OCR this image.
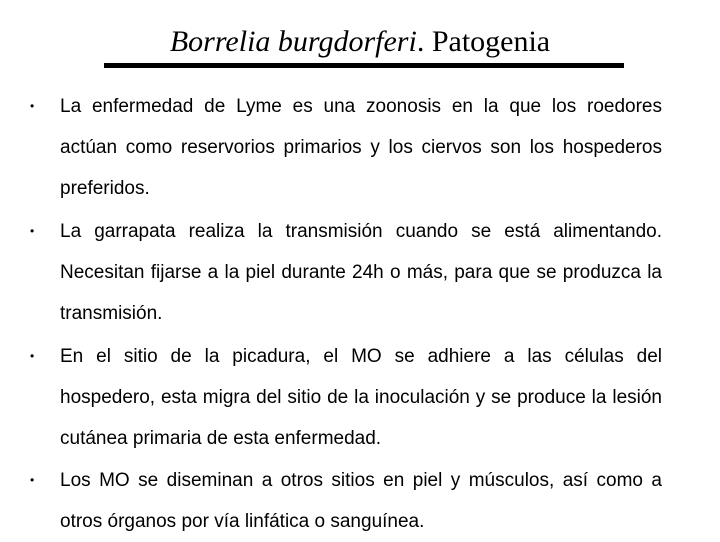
Borrelia burgdorferi. Patogenia
•	La enfermedad de Lyme es una zoonosis en la que los roedores actúan como reservorios primarios y los ciervos son los hospederos preferidos.
•	La garrapata realiza la transmisión cuando se está alimentando. Necesitan fijarse a la piel durante 24h o más, para que se produzca la transmisión.
•	En el sitio de la picadura, el MO se adhiere a las células del hospedero, esta migra del sitio de la inoculación y se produce la lesión cutánea primaria de esta enfermedad.
•	Los MO se diseminan a otros sitios en piel y músculos, así como a otros órganos por vía linfática o sanguínea.
